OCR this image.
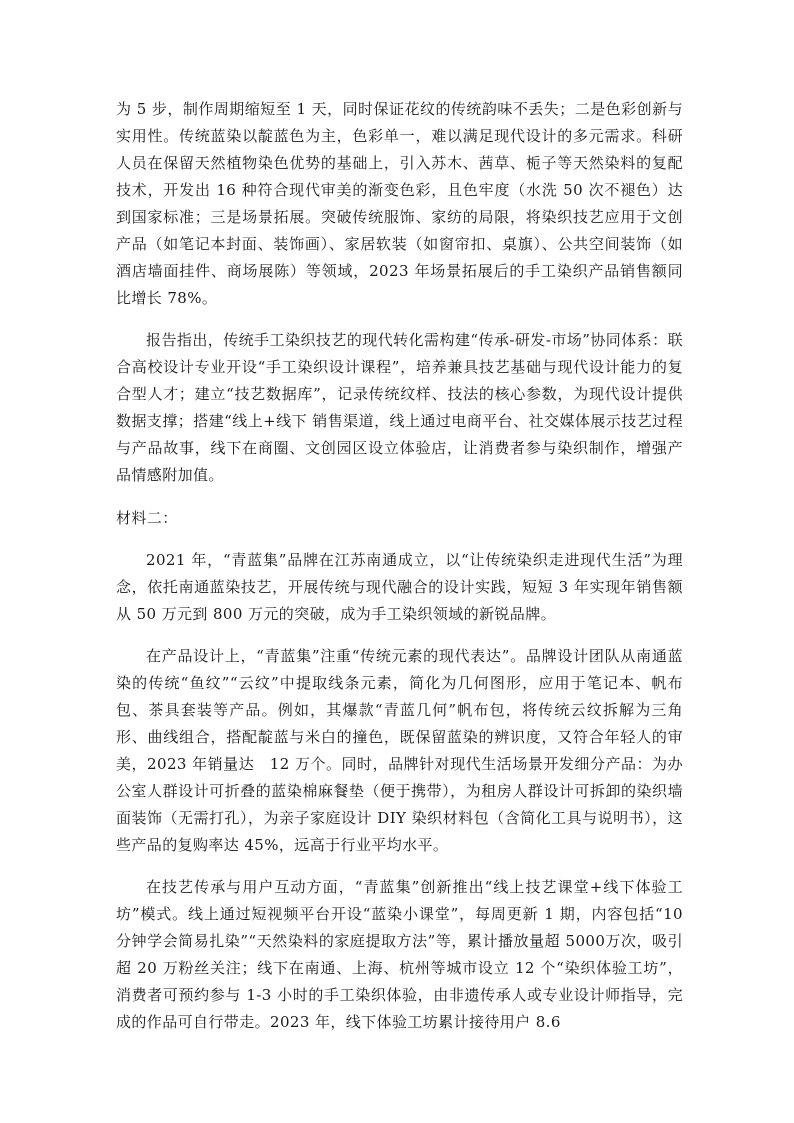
为 5 步，制作周期缩短至 1 天，同时保证花纹的传统韵味不丢失；二是色彩创新与实用性。传统蓝染以靛蓝色为主，色彩单一，难以满足现代设计的多元需求。科研人员在保留天然植物染色优势的基础上，引入苏木、茜草、栀子等天然染料的复配技术，开发出 16 种符合现代审美的渐变色彩，且色牢度（水洗 50 次不褪色）达到国家标准；三是场景拓展。突破传统服饰、家纺的局限，将染织技艺应用于文创产品（如笔记本封面、装饰画）、家居软装（如窗帘扣、桌旗）、公共空间装饰（如酒店墙面挂件、商场展陈）等领域，2023 年场景拓展后的手工染织产品销售额同比增长 78%。

报告指出，传统手工染织技艺的现代转化需构建“传承-研发-市场”协同体系：联合高校设计专业开设“手工染织设计课程”，培养兼具技艺基础与现代设计能力的复合型人才；建立“技艺数据库”，记录传统纹样、技法的核心参数，为现代设计提供数据支撑；搭建“线上+线下 销售渠道，线上通过电商平台、社交媒体展示技艺过程与产品故事，线下在商圈、文创园区设立体验店，让消费者参与染织制作，增强产品情感附加值。

材料二：

2021 年，“青蓝集”品牌在江苏南通成立，以“让传统染织走进现代生活”为理念，依托南通蓝染技艺，开展传统与现代融合的设计实践，短短 3 年实现年销售额从 50 万元到 800 万元的突破，成为手工染织领域的新锐品牌。

在产品设计上，“青蓝集”注重“传统元素的现代表达”。品牌设计团队从南通蓝染的传统“鱼纹”“云纹”中提取线条元素，简化为几何图形，应用于笔记本、帆布包、茶具套装等产品。例如，其爆款“青蓝几何”帆布包，将传统云纹拆解为三角形、曲线组合，搭配靛蓝与米白的撞色，既保留蓝染的辨识度，又符合年轻人的审美，2023 年销量达　12 万个。同时，品牌针对现代生活场景开发细分产品：为办公室人群设计可折叠的蓝染棉麻餐垫（便于携带），为租房人群设计可拆卸的染织墙面装饰（无需打孔），为亲子家庭设计 DIY 染织材料包（含简化工具与说明书），这些产品的复购率达 45%，远高于行业平均水平。

在技艺传承与用户互动方面，“青蓝集”创新推出“线上技艺课堂+线下体验工坊”模式。线上通过短视频平台开设“蓝染小课堂”，每周更新 1 期，内容包括“10 分钟学会简易扎染”“天然染料的家庭提取方法”等，累计播放量超 5000万次，吸引超 20 万粉丝关注；线下在南通、上海、杭州等城市设立 12 个“染织体验工坊”，消费者可预约参与 1-3 小时的手工染织体验，由非遗传承人或专业设计师指导，完成的作品可自行带走。2023 年，线下体验工坊累计接待用户 8.6
